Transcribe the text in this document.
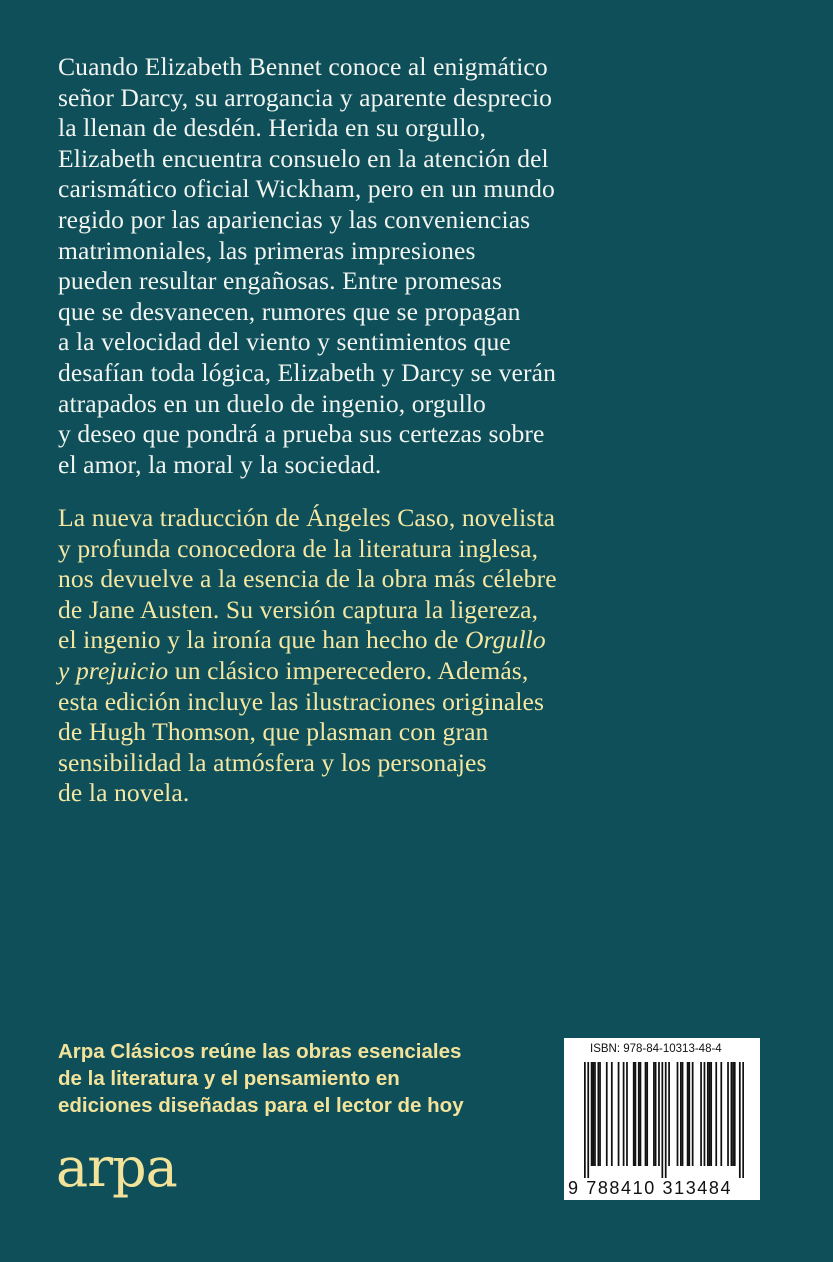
Cuando Elizabeth Bennet conoce al enigmático
señor Darcy, su arrogancia y aparente desprecio
la llenan de desdén. Herida en su orgullo,
Elizabeth encuentra consuelo en la atención del
carismático oficial Wickham, pero en un mundo
regido por las apariencias y las conveniencias
matrimoniales, las primeras impresiones
pueden resultar engañosas. Entre promesas
que se desvanecen, rumores que se propagan
a la velocidad del viento y sentimientos que
desafían toda lógica, Elizabeth y Darcy se verán
atrapados en un duelo de ingenio, orgullo
y deseo que pondrá a prueba sus certezas sobre
el amor, la moral y la sociedad.

La nueva traducción de Ángeles Caso, novelista
y profunda conocedora de la literatura inglesa,
nos devuelve a la esencia de la obra más célebre
de Jane Austen. Su versión captura la ligereza,
el ingenio y la ironía que han hecho de Orgullo
y prejuicio un clásico imperecedero. Además,
esta edición incluye las ilustraciones originales
de Hugh Thomson, que plasman con gran
sensibilidad la atmósfera y los personajes
de la novela.

Arpa Clásicos reúne las obras esenciales
de la literatura y el pensamiento en
ediciones diseñadas para el lector de hoy
arpa
ISBN: 978-84-10313-48-4
9 788410 313484
